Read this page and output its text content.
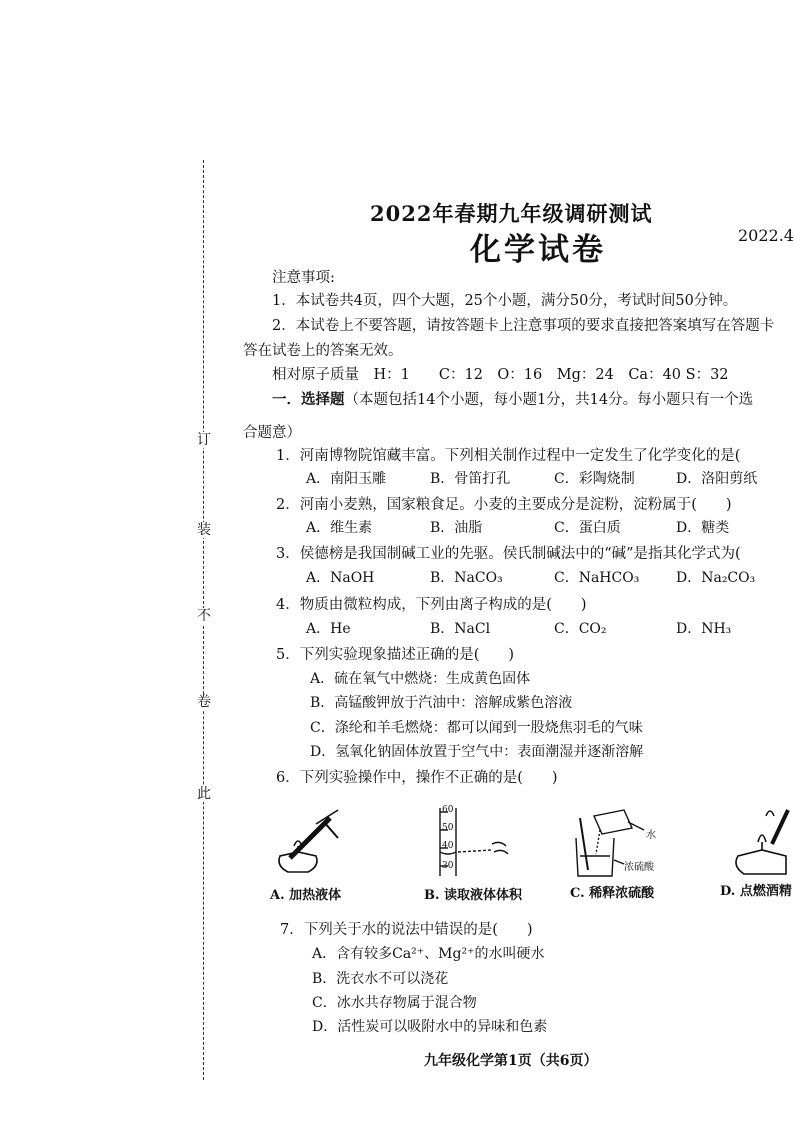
订
装
不
卷
此
2022年春期九年级调研测试
化学试卷	2022.4
注意事项:
1．本试卷共4页，四个大题，25个小题，满分50分，考试时间50分钟。
2．本试卷上不要答题，请按答题卡上注意事项的要求直接把答案填写在答题卡
答在试卷上的答案无效。
相对原子质量　H：1　　C：12　O：16　Mg：24　Ca：40 S：32
一．选择题（本题包括14个小题，每小题1分，共14分。每小题只有一个选
合题意）
1．河南博物院馆藏丰富。下列相关制作过程中一定发生了化学变化的是(
A．南阳玉雕	B．骨笛打孔	C．彩陶烧制	D．洛阳剪纸
2．河南小麦熟，国家粮食足。小麦的主要成分是淀粉，淀粉属于(　　)
A．维生素	B．油脂	C．蛋白质	D．糖类
3．侯德榜是我国制碱工业的先驱。侯氏制碱法中的“碱”是指其化学式为(
A．NaOH	B．NaCO₃	C．NaHCO₃	D．Na₂CO₃
4．物质由微粒构成，下列由离子构成的是(　　)
A．He	B．NaCl	C．CO₂	D．NH₃
5．下列实验现象描述正确的是(　　)
A．硫在氧气中燃烧：生成黄色固体
B．高锰酸钾放于汽油中：溶解成紫色溶液
C．涤纶和羊毛燃烧：都可以闻到一股烧焦羽毛的气味
D．氢氧化钠固体放置于空气中：表面潮湿并逐渐溶解
6．下列实验操作中，操作不正确的是(　　)
A. 加热液体
60
50
40
30
B. 读取液体体积
水
浓硫酸
C. 稀释浓硫酸	D. 点燃酒精
7．下列关于水的说法中错误的是(　　)
A．含有较多Ca²⁺、Mg²⁺的水叫硬水
B．洗衣水不可以浇花
C．冰水共存物属于混合物
D．活性炭可以吸附水中的异味和色素
九年级化学第1页（共6页）
